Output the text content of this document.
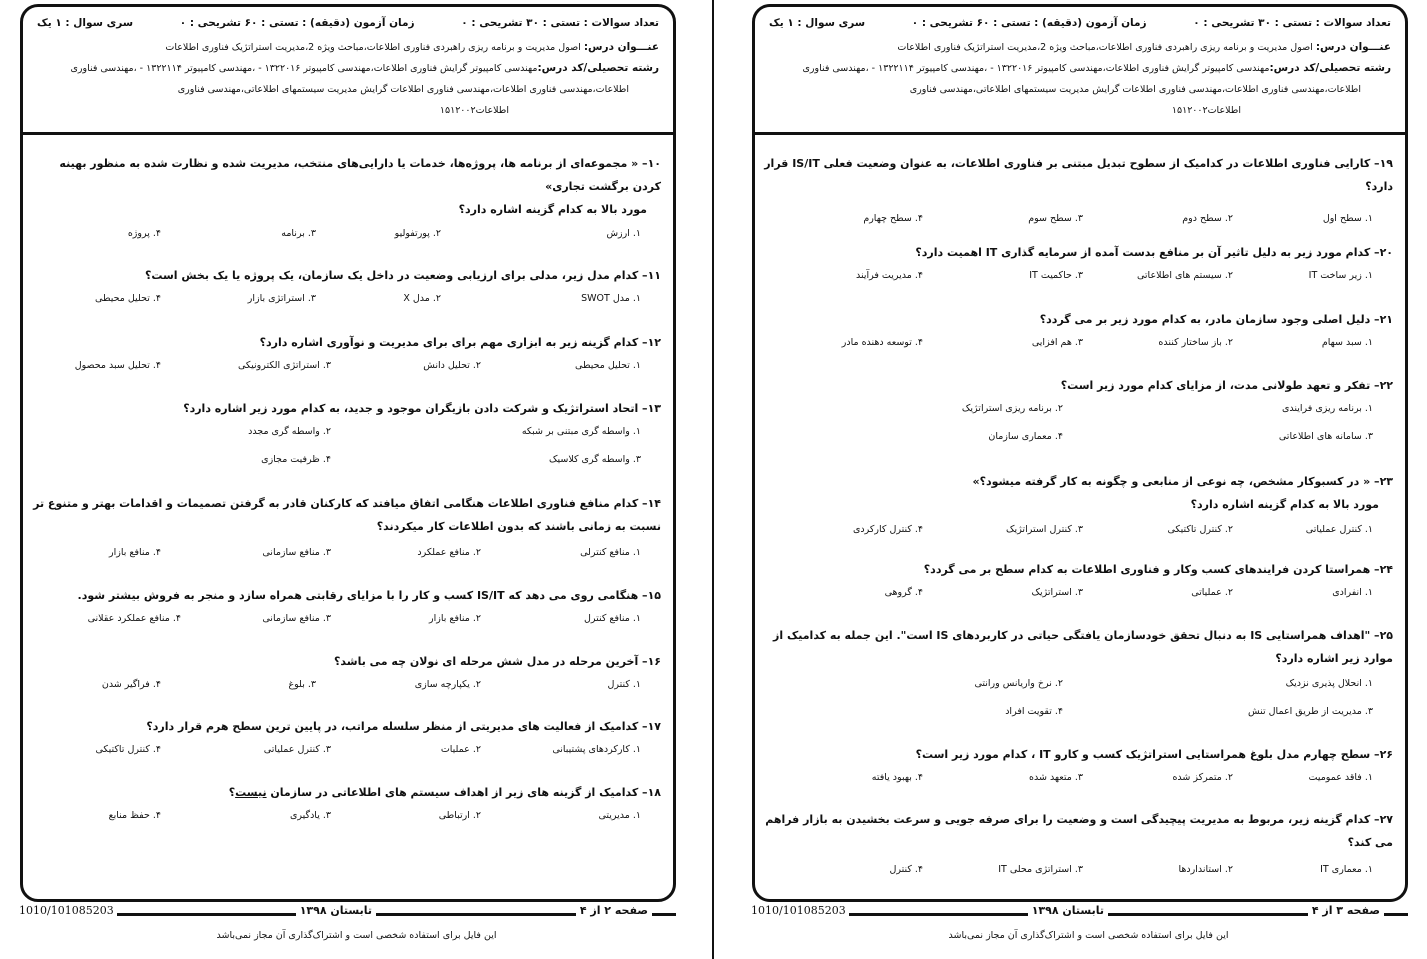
تعداد سوالات : تستی : ۳۰ تشریحی : ۰
زمان آزمون (دقیقه) : تستی : ۶۰ تشریحی : ۰
سری سوال : ۱ یک
عنـــوان درس: اصول مدیریت و برنامه ریزی راهبردی فناوری اطلاعات،مباحث ویژه 2،مدیریت استراتژیک فناوری اطلاعات
رشته تحصیلی/کد درس:مهندسی کامپیوتر گرایش فناوری اطلاعات،مهندسی کامپیوتر ۱۳۲۲۰۱۶ - ،مهندسی کامپیوتر ۱۳۲۲۱۱۴ - ،مهندسی فناوری
اطلاعات،مهندسی فناوری اطلاعات،مهندسی فناوری اطلاعات گرایش مدیریت سیستمهای اطلاعاتی،مهندسی فناوری
اطلاعات۱۵۱۲۰۰۲
۱۰– « مجموعه‌ای از برنامه ها، پروژه‌ها، خدمات یا دارایی‌های منتخب، مدیریت شده و نظارت شده به منظور بهینه کردن برگشت تجاری»
مورد بالا به کدام گزینه اشاره دارد؟
۱. ارزش
۲. پورتفولیو
۳. برنامه
۴. پروژه
۱۱– کدام مدل زیر، مدلی برای ارزیابی وضعیت در داخل یک سازمان، یک پروژه یا یک بخش است؟
۱. مدل SWOT
۲. مدل X
۳. استراتژی بازار
۴. تحلیل محیطی
۱۲– کدام گزینه زیر به ابزاری مهم برای برای مدیریت و نوآوری اشاره دارد؟
۱. تحلیل محیطی
۲. تحلیل دانش
۳. استراتژی الکترونیکی
۴. تحلیل سبد محصول
۱۳– اتحاد استراتژیک و شرکت دادن بازیگران موجود و جدید، به کدام مورد زیر اشاره دارد؟
۱. واسطه گری مبتنی بر شبکه
۲. واسطه گری مجدد
۳. واسطه گری کلاسیک
۴. ظرفیت مجازی
۱۴– کدام منافع فناوری اطلاعات هنگامی اتفاق میافتد که کارکنان قادر به گرفتن تصمیمات و اقدامات بهتر و متنوع تر نسبت به زمانی باشند که بدون اطلاعات کار میکردند؟
۱. منافع کنترلی
۲. منافع عملکرد
۳. منافع سازمانی
۴. منافع بازار
۱۵– هنگامی روی می دهد که IS/IT کسب و کار را با مزایای رقابتی همراه سازد و منجر به فروش بیشتر شود.
۱. منافع کنترل
۲. منافع بازار
۳. منافع سازمانی
۴. منافع عملکرد عقلانی
۱۶– آخرین مرحله در مدل شش مرحله ای نولان چه می باشد؟
۱. کنترل
۲. یکپارچه سازی
۳. بلوغ
۴. فراگیر شدن
۱۷– کدامیک از فعالیت های مدیریتی از منظر سلسله مراتب، در پایین ترین سطح هرم قرار دارد؟
۱. کارکردهای پشتیبانی
۲. عملیات
۳. کنترل عملیاتی
۴. کنترل تاکتیکی
۱۸– کدامیک از گزینه های زیر از اهداف سیستم های اطلاعاتی در سازمان نیست؟
۱. مدیریتی
۲. ارتباطی
۳. یادگیری
۴. حفظ منابع
صفحه ۲ از ۴
تابستان ۱۳۹۸
1010/101085203
این فایل برای استفاده شخصی است و اشتراک‌گذاری آن مجاز نمی‌باشد
تعداد سوالات : تستی : ۳۰ تشریحی : ۰
زمان آزمون (دقیقه) : تستی : ۶۰ تشریحی : ۰
سری سوال : ۱ یک
عنـــوان درس: اصول مدیریت و برنامه ریزی راهبردی فناوری اطلاعات،مباحث ویژه 2،مدیریت استراتژیک فناوری اطلاعات
رشته تحصیلی/کد درس:مهندسی کامپیوتر گرایش فناوری اطلاعات،مهندسی کامپیوتر ۱۳۲۲۰۱۶ - ،مهندسی کامپیوتر ۱۳۲۲۱۱۴ - ،مهندسی فناوری
اطلاعات،مهندسی فناوری اطلاعات،مهندسی فناوری اطلاعات گرایش مدیریت سیستمهای اطلاعاتی،مهندسی فناوری
اطلاعات۱۵۱۲۰۰۲
۱۹– کارایی فناوری اطلاعات در کدامیک از سطوح تبدیل مبتنی بر فناوری اطلاعات، به عنوان وضعیت فعلی IS/IT قرار دارد؟
۱. سطح اول
۲. سطح دوم
۳. سطح سوم
۴. سطح چهارم
۲۰– کدام مورد زیر به دلیل تاثیر آن بر منافع بدست آمده از سرمایه گذاری IT اهمیت دارد؟
۱. زیر ساخت IT
۲. سیستم های اطلاعاتی
۳. حاکمیت IT
۴. مدیریت فرآیند
۲۱– دلیل اصلی وجود سازمان مادر، به کدام مورد زیر بر می گردد؟
۱. سبد سهام
۲. باز ساختار کننده
۳. هم افزایی
۴. توسعه دهنده مادر
۲۲– تفکر و تعهد طولانی مدت، از مزایای کدام مورد زیر است؟
۱. برنامه ریزی فرایندی
۲. برنامه ریزی استراتژیک
۳. سامانه های اطلاعاتی
۴. معماری سازمان
۲۳– « در کسبوکار مشخص، چه نوعی از منابعی و چگونه به کار گرفته میشود؟»
مورد بالا به کدام گزینه اشاره دارد؟
۱. کنترل عملیاتی
۲. کنترل تاکتیکی
۳. کنترل استراتژیک
۴. کنترل کارکردی
۲۴– همراستا کردن فرایندهای کسب وکار و فناوری اطلاعات به کدام سطح بر می گردد؟
۱. انفرادی
۲. عملیاتی
۳. استراتژیک
۴. گروهی
۲۵– "اهداف همراستایی IS به دنبال تحقق خودسازمان یافتگی حیاتی در کاربردهای IS است". این جمله به کدامیک از موارد زیر اشاره دارد؟
۱. انحلال پذیری نزدیک
۲. نرخ واریانس ورانتی
۳. مدیریت از طریق اعمال تنش
۴. تقویت افراد
۲۶– سطح چهارم مدل بلوغ همراستایی استراتژیک کسب و کارو IT ، کدام مورد زیر است؟
۱. فاقد عمومیت
۲. متمرکز شده
۳. متعهد شده
۴. بهبود یافته
۲۷– کدام گزینه زیر، مربوط به مدیریت پیچیدگی است و وضعیت را برای صرفه جویی و سرعت بخشیدن به بازار فراهم می کند؟
۱. معماری IT
۲. استانداردها
۳. استراتژی محلی IT
۴. کنترل
صفحه ۳ از ۴
تابستان ۱۳۹۸
1010/101085203
این فایل برای استفاده شخصی است و اشتراک‌گذاری آن مجاز نمی‌باشد
